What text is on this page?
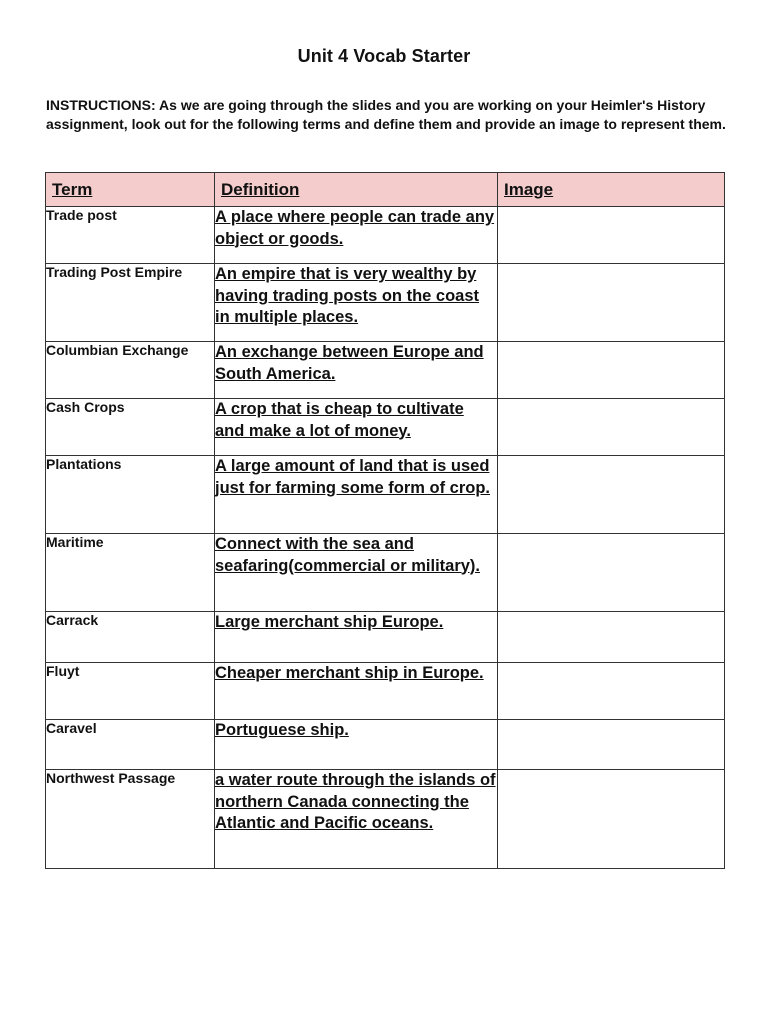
Unit 4 Vocab Starter
INSTRUCTIONS: As we are going through the slides and you are working on your Heimler's History assignment, look out for the following terms and define them and provide an image to represent them.
Term	Definition	Image
Trade post	A place where people can trade any object or goods.	
Trading Post Empire	An empire that is very wealthy by having trading posts on the coast in multiple places.	
Columbian Exchange	An exchange between Europe and South America.	
Cash Crops	A crop that is cheap to cultivate and make a lot of money.	
Plantations	A large amount of land that is used just for farming some form of crop.	
Maritime	Connect with the sea and seafaring(commercial or military).	
Carrack	Large merchant ship Europe.	
Fluyt	Cheaper merchant ship in Europe.	
Caravel	Portuguese ship.	
Northwest Passage	a water route through the islands of northern Canada connecting the Atlantic and Pacific oceans.	
